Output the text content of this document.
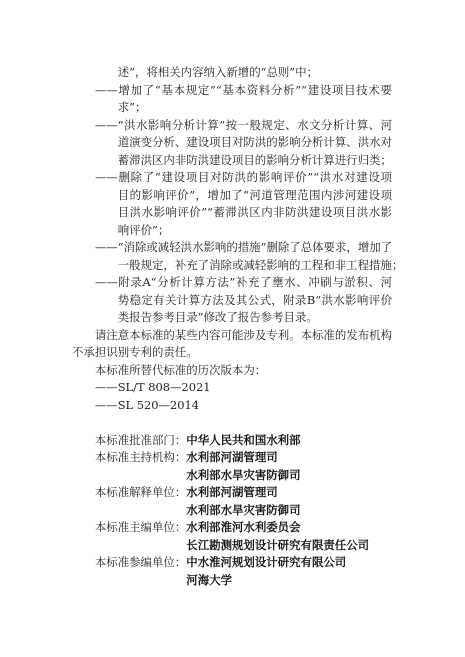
述”，将相关内容纳入新增的“总则”中；
——增加了“基本规定”“基本资料分析”“建设项目技术要
求”；
——“洪水影响分析计算”按一般规定、水文分析计算、河
道演变分析、建设项目对防洪的影响分析计算、洪水对
蓄滞洪区内非防洪建设项目的影响分析计算进行归类；
——删除了“建设项目对防洪的影响评价”“洪水对建设项
目的影响评价”，增加了“河道管理范围内涉河建设项
目洪水影响评价”“蓄滞洪区内非防洪建设项目洪水影
响评价”；
——“消除或减轻洪水影响的措施”删除了总体要求，增加了
一般规定，补充了消除或减轻影响的工程和非工程措施；
——附录A“分析计算方法”补充了壅水、冲刷与淤积、河
势稳定有关计算方法及其公式，附录B“洪水影响评价
类报告参考目录”修改了报告参考目录。
请注意本标准的某些内容可能涉及专利。本标准的发布机构
不承担识别专利的责任。
本标准所替代标准的历次版本为：
——SL/T 808—2021
——SL 520—2014
本标准批准部门： 中华人民共和国水利部
本标准主持机构： 水利部河湖管理司
水利部水旱灾害防御司
本标准解释单位： 水利部河湖管理司
水利部水旱灾害防御司
本标准主编单位： 水利部淮河水利委员会
长江勘测规划设计研究有限责任公司
本标准参编单位： 中水淮河规划设计研究有限公司
河海大学
